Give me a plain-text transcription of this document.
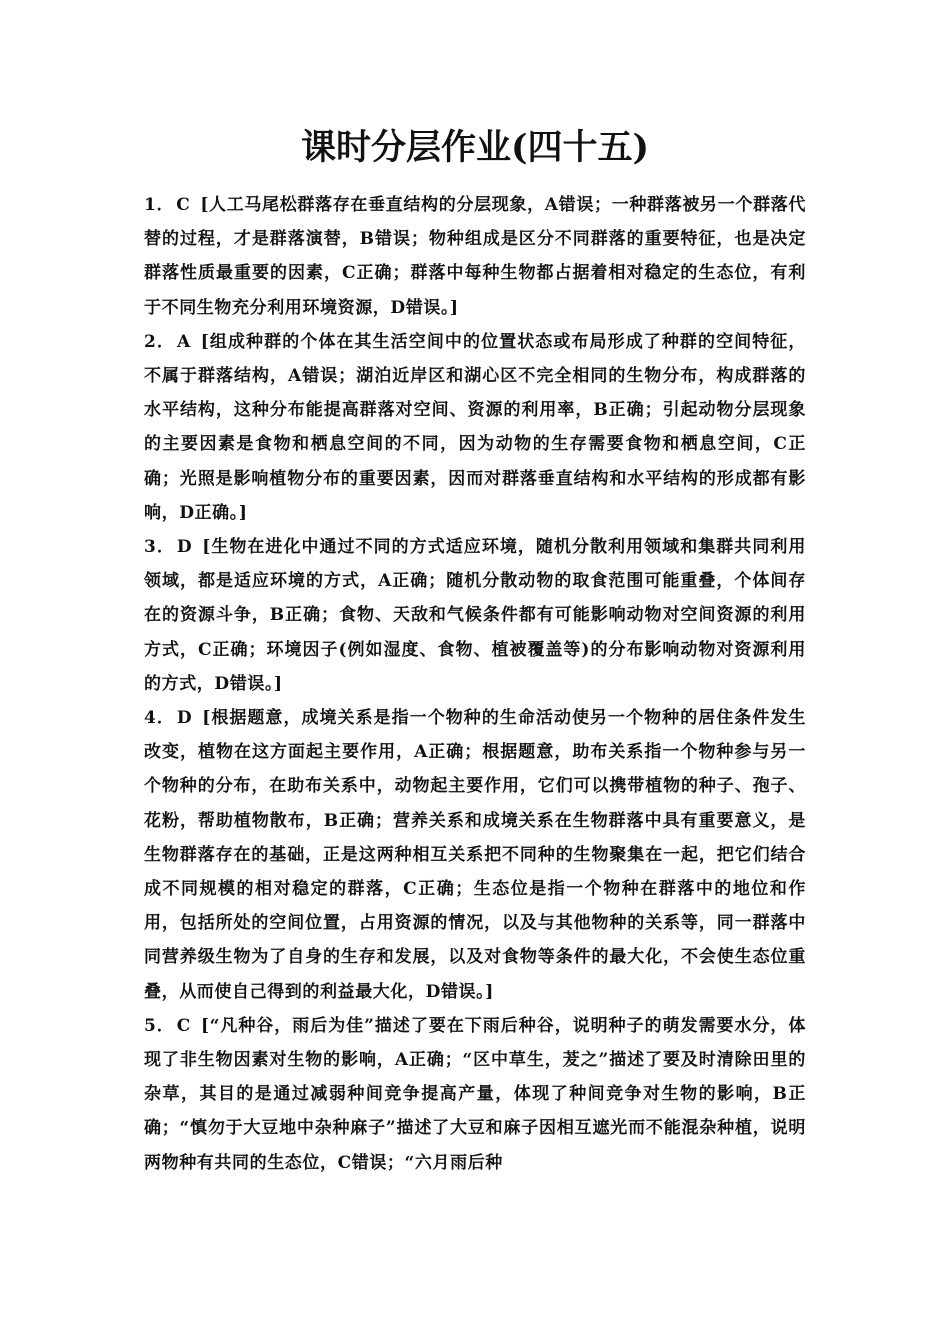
课时分层作业(四十五)

1． C [人工马尾松群落存在垂直结构的分层现象，A错误；一种群落被另一个群落代替的过程，才是群落演替，B错误；物种组成是区分不同群落的重要特征，也是决定群落性质最重要的因素，C正确；群落中每种生物都占据着相对稳定的生态位，有利于不同生物充分利用环境资源，D错误。]

2． A [组成种群的个体在其生活空间中的位置状态或布局形成了种群的空间特征，不属于群落结构，A错误；湖泊近岸区和湖心区不完全相同的生物分布，构成群落的水平结构，这种分布能提高群落对空间、资源的利用率，B正确；引起动物分层现象的主要因素是食物和栖息空间的不同，因为动物的生存需要食物和栖息空间，C正确；光照是影响植物分布的重要因素，因而对群落垂直结构和水平结构的形成都有影响，D正确。]

3． D [生物在进化中通过不同的方式适应环境，随机分散利用领域和集群共同利用领域，都是适应环境的方式，A正确；随机分散动物的取食范围可能重叠，个体间存在的资源斗争，B正确；食物、天敌和气候条件都有可能影响动物对空间资源的利用方式，C正确；环境因子(例如湿度、食物、植被覆盖等)的分布影响动物对资源利用的方式，D错误。]

4． D [根据题意，成境关系是指一个物种的生命活动使另一个物种的居住条件发生改变，植物在这方面起主要作用，A正确；根据题意，助布关系指一个物种参与另一个物种的分布，在助布关系中，动物起主要作用，它们可以携带植物的种子、孢子、花粉，帮助植物散布，B正确；营养关系和成境关系在生物群落中具有重要意义，是生物群落存在的基础，正是这两种相互关系把不同种的生物聚集在一起，把它们结合成不同规模的相对稳定的群落，C正确；生态位是指一个物种在群落中的地位和作用，包括所处的空间位置，占用资源的情况，以及与其他物种的关系等，同一群落中同营养级生物为了自身的生存和发展，以及对食物等条件的最大化，不会使生态位重叠，从而使自己得到的利益最大化，D错误。]

5． C [“凡种谷，雨后为佳”描述了要在下雨后种谷，说明种子的萌发需要水分，体现了非生物因素对生物的影响，A正确；“区中草生，茇之”描述了要及时清除田里的杂草，其目的是通过减弱种间竞争提高产量，体现了种间竞争对生物的影响，B正确；“慎勿于大豆地中杂种麻子”描述了大豆和麻子因相互遮光而不能混杂种植，说明两物种有共同的生态位，C错误；“六月雨后种
